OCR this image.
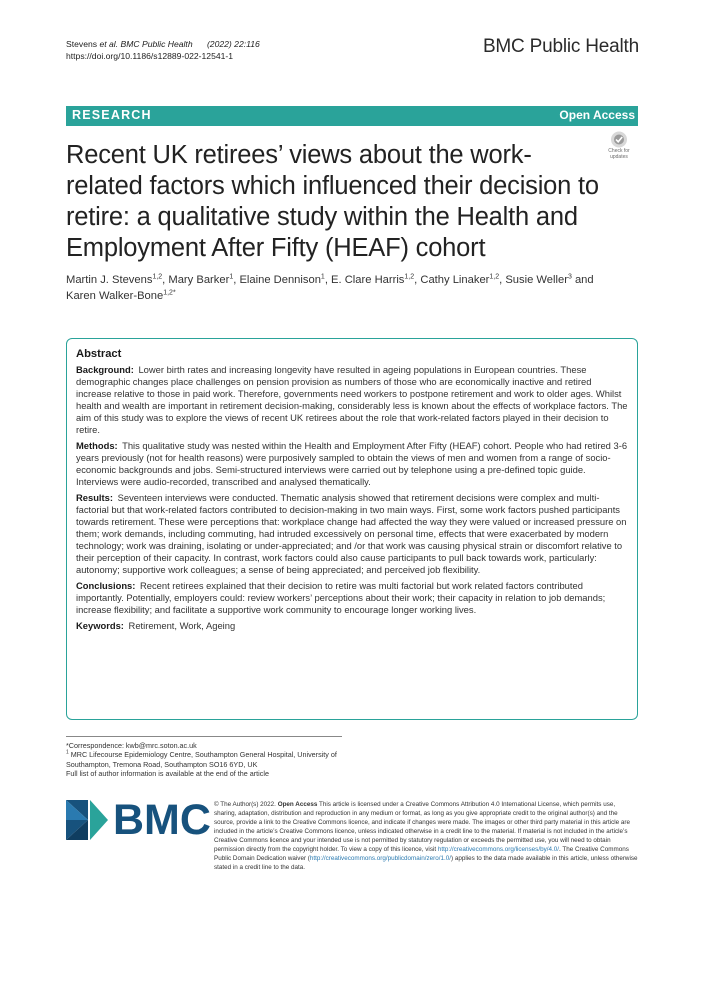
Stevens et al. BMC Public Health (2022) 22:116
https://doi.org/10.1186/s12889-022-12541-1	BMC Public Health
RESEARCH	Open Access
Check for updates
Recent UK retirees’ views about the work-related factors which influenced their decision to retire: a qualitative study within the Health and Employment After Fifty (HEAF) cohort
Martin J. Stevens$^{1,2}$, Mary Barker$^1$, Elaine Dennison$^1$, E. Clare Harris$^{1,2}$, Cathy Linaker$^{1,2}$, Susie Weller$^3$ and
Karen Walker-Bone$^{1,2*}$
Abstract

Background: Lower birth rates and increasing longevity have resulted in ageing populations in European countries. These demographic changes place challenges on pension provision as numbers of those who are economically inactive and retired increase relative to those in paid work. Therefore, governments need workers to postpone retirement and work to older ages. Whilst health and wealth are important in retirement decision-making, considerably less is known about the effects of workplace factors. The aim of this study was to explore the views of recent UK retirees about the role that work-related factors played in their decision to retire.

Methods: This qualitative study was nested within the Health and Employment After Fifty (HEAF) cohort. People who had retired 3-6 years previously (not for health reasons) were purposively sampled to obtain the views of men and women from a range of socio-economic backgrounds and jobs. Semi-structured interviews were carried out by telephone using a pre-defined topic guide. Interviews were audio-recorded, transcribed and analysed thematically.

Results: Seventeen interviews were conducted. Thematic analysis showed that retirement decisions were complex and multi-factorial but that work-related factors contributed to decision-making in two main ways. First, some work factors pushed participants towards retirement. These were perceptions that: workplace change had affected the way they were valued or increased pressure on them; work demands, including commuting, had intruded excessively on personal time, effects that were exacerbated by modern technology; work was draining, isolating or under-appreciated; and /or that work was causing physical strain or discomfort relative to their perception of their capacity. In contrast, work factors could also cause participants to pull back towards work, particularly: autonomy; supportive work colleagues; a sense of being appreciated; and perceived job flexibility.

Conclusions: Recent retirees explained that their decision to retire was multi factorial but work related factors contributed importantly. Potentially, employers could: review workers’ perceptions about their work; their capacity in relation to job demands; increase flexibility; and facilitate a supportive work community to encourage longer working lives.

Keywords: Retirement, Work, Ageing

*Correspondence: kwb@mrc.soton.ac.uk
$^1$ MRC Lifecourse Epidemiology Centre, Southampton General Hospital, University of Southampton, Tremona Road, Southampton SO16 6YD, UK
Full list of author information is available at the end of the article
BMC © The Author(s) 2022. Open Access This article is licensed under a Creative Commons Attribution 4.0 International License, which permits use, sharing, adaptation, distribution and reproduction in any medium or format, as long as you give appropriate credit to the original author(s) and the source, provide a link to the Creative Commons licence, and indicate if changes were made. The images or other third party material in this article are included in the article’s Creative Commons licence, unless indicated otherwise in a credit line to the material. If material is not included in the article’s Creative Commons licence and your intended use is not permitted by statutory regulation or exceeds the permitted use, you will need to obtain permission directly from the copyright holder. To view a copy of this licence, visit http://creativecommons.org/licenses/by/4.0/. The Creative Commons Public Domain Dedication waiver (http://creativecommons.org/publicdomain/zero/1.0/) applies to the data made available in this article, unless otherwise stated in a credit line to the data.
